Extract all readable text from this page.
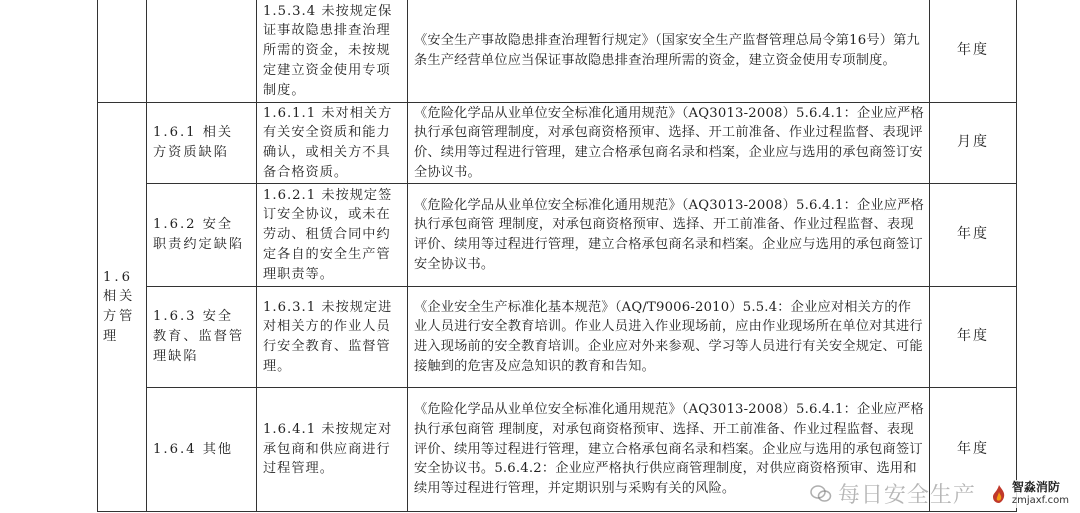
		1.5.3.4 未按规定保证事故隐患排查治理所需的资金，未按规定建立资金使用专项制度。	《安全生产事故隐患排查治理暂行规定》（国家安全生产监督管理总局令第16号）第九条生产经营单位应当保证事故隐患排查治理所需的资金，建立资金使用专项制度。	年度

1.6 相关方管理	1.6.1 相关方资质缺陷	1.6.1.1 未对相关方有关安全资质和能力确认，或相关方不具备合格资质。	《危险化学品从业单位安全标准化通用规范》（AQ3013-2008）5.6.4.1：企业应严格执行承包商管理制度，对承包商资格预审、选择、开工前准备、作业过程监督、表现评价、续用等过程进行管理，建立合格承包商名录和档案，企业应与选用的承包商签订安全协议书。	月度

	1.6.2 安全职责约定缺陷	1.6.2.1 未按规定签订安全协议，或未在劳动、租赁合同中约定各自的安全生产管理职责等。	《危险化学品从业单位安全标准化通用规范》（AQ3013-2008）5.6.4.1：企业应严格执行承包商管 理制度，对承包商资格预审、选择、开工前准备、作业过程监督、表现评价、续用等过程进行管理，建立合格承包商名录和档案。企业应与选用的承包商签订安全协议书。	年度

	1.6.3 安全教育、监督管理缺陷	1.6.3.1 未按规定进对相关方的作业人员行安全教育、监督管理。	《企业安全生产标准化基本规范》（AQ/T9006-2010）5.5.4：企业应对相关方的作业人员进行安全教育培训。作业人员进入作业现场前，应由作业现场所在单位对其进行进入现场前的安全教育培训。企业应对外来参观、学习等人员进行有关安全规定、可能接触到的危害及应急知识的教育和告知。	年度

	1.6.4 其他	1.6.4.1 未按规定对承包商和供应商进行过程管理。	《危险化学品从业单位安全标准化通用规范》（AQ3013-2008）5.6.4.1：企业应严格执行承包商管 理制度，对承包商资格预审、选择、开工前准备、作业过程监督、表现评价、续用等过程进行管理，建立合格承包商名录和档案。企业应与选用的承包商签订安全协议书。5.6.4.2：企业应严格执行供应商管理制度，对供应商资格预审、选用和续用等过程进行管理，并定期识别与采购有关的风险。	年度
每日安全生产	智淼消防
zmjaxf.com
